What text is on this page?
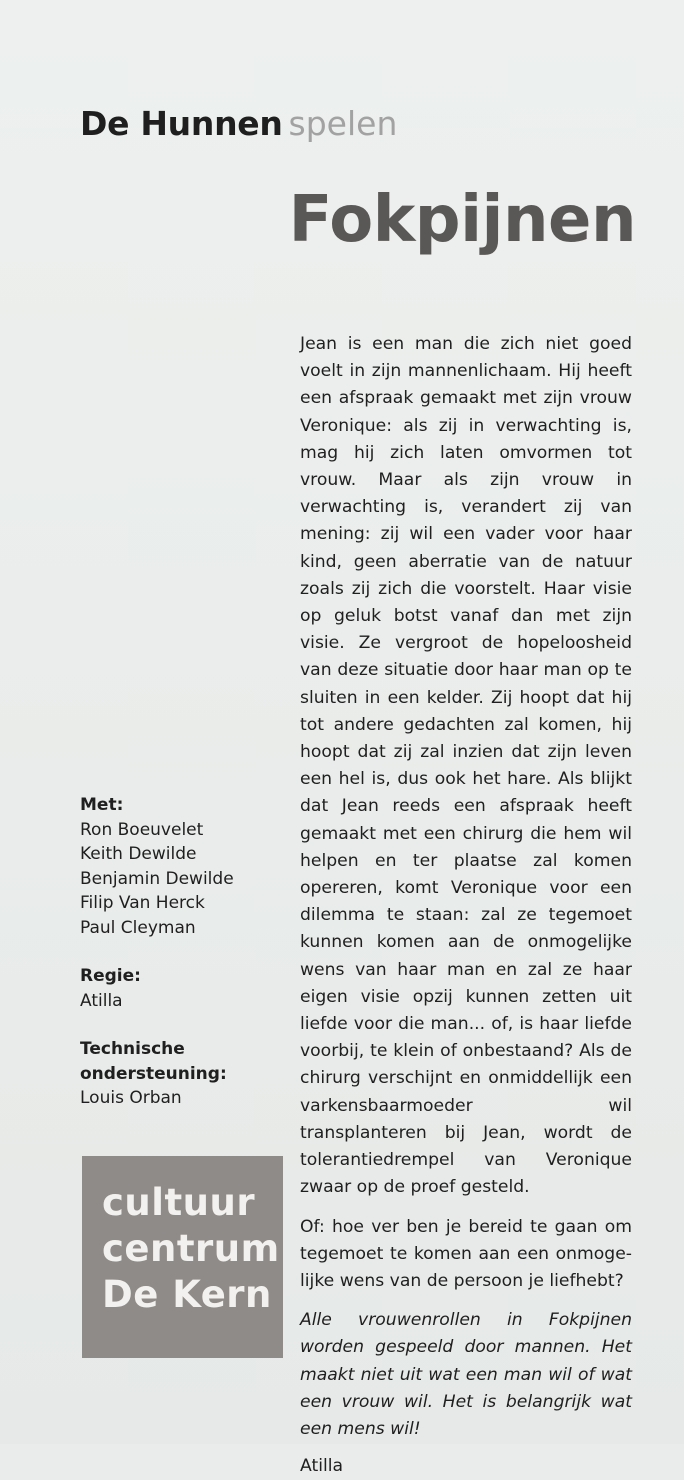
De Hunnen spelen
Fokpijnen

Jean is een man die zich niet goed voelt in zijn mannenlichaam. Hij heeft een afspraak gemaakt met zijn vrouw Veronique: als zij in verwachting is, mag hij zich laten omvormen tot vrouw. Maar als zijn vrouw in verwachting is, verandert zij van mening: zij wil een vader voor haar kind, geen aberratie van de natuur zoals zij zich die voorstelt. Haar visie op geluk botst vanaf dan met zijn visie. Ze vergroot de hopeloosheid van deze situatie door haar man op te sluiten in een kelder. Zij hoopt dat hij tot andere gedachten zal komen, hij hoopt dat zij zal inzien dat zijn leven een hel is, dus ook het hare. Als blijkt dat Jean reeds een afspraak heeft gemaakt met een chirurg die hem wil helpen en ter plaatse zal komen opereren, komt Veronique voor een dilemma te staan: zal ze tegemoet kunnen komen aan de onmogelijke wens van haar man en zal ze haar eigen visie opzij kunnen zetten uit liefde voor die man... of, is haar liefde voorbij, te klein of onbestaand? Als de chirurg verschijnt en onmiddellijk een varkensbaarmoeder wil transplanteren bij Jean, wordt de tolerantiedrempel van Veronique zwaar op de proef gesteld.

Of: hoe ver ben je bereid te gaan om tegemoet te komen aan een onmogelijke wens van de persoon je liefhebt?

Alle vrouwenrollen in Fokpijnen worden gespeeld door mannen. Het maakt niet uit wat een man wil of wat een vrouw wil. Het is belangrijk wat een mens wil!

Atilla

Met:
Ron Boeuvelet
Keith Dewilde
Benjamin Dewilde
Filip Van Herck
Paul Cleyman
Regie:
Atilla
Technische
ondersteuning:
Louis Orban
cultuur
centrum
De Kern
